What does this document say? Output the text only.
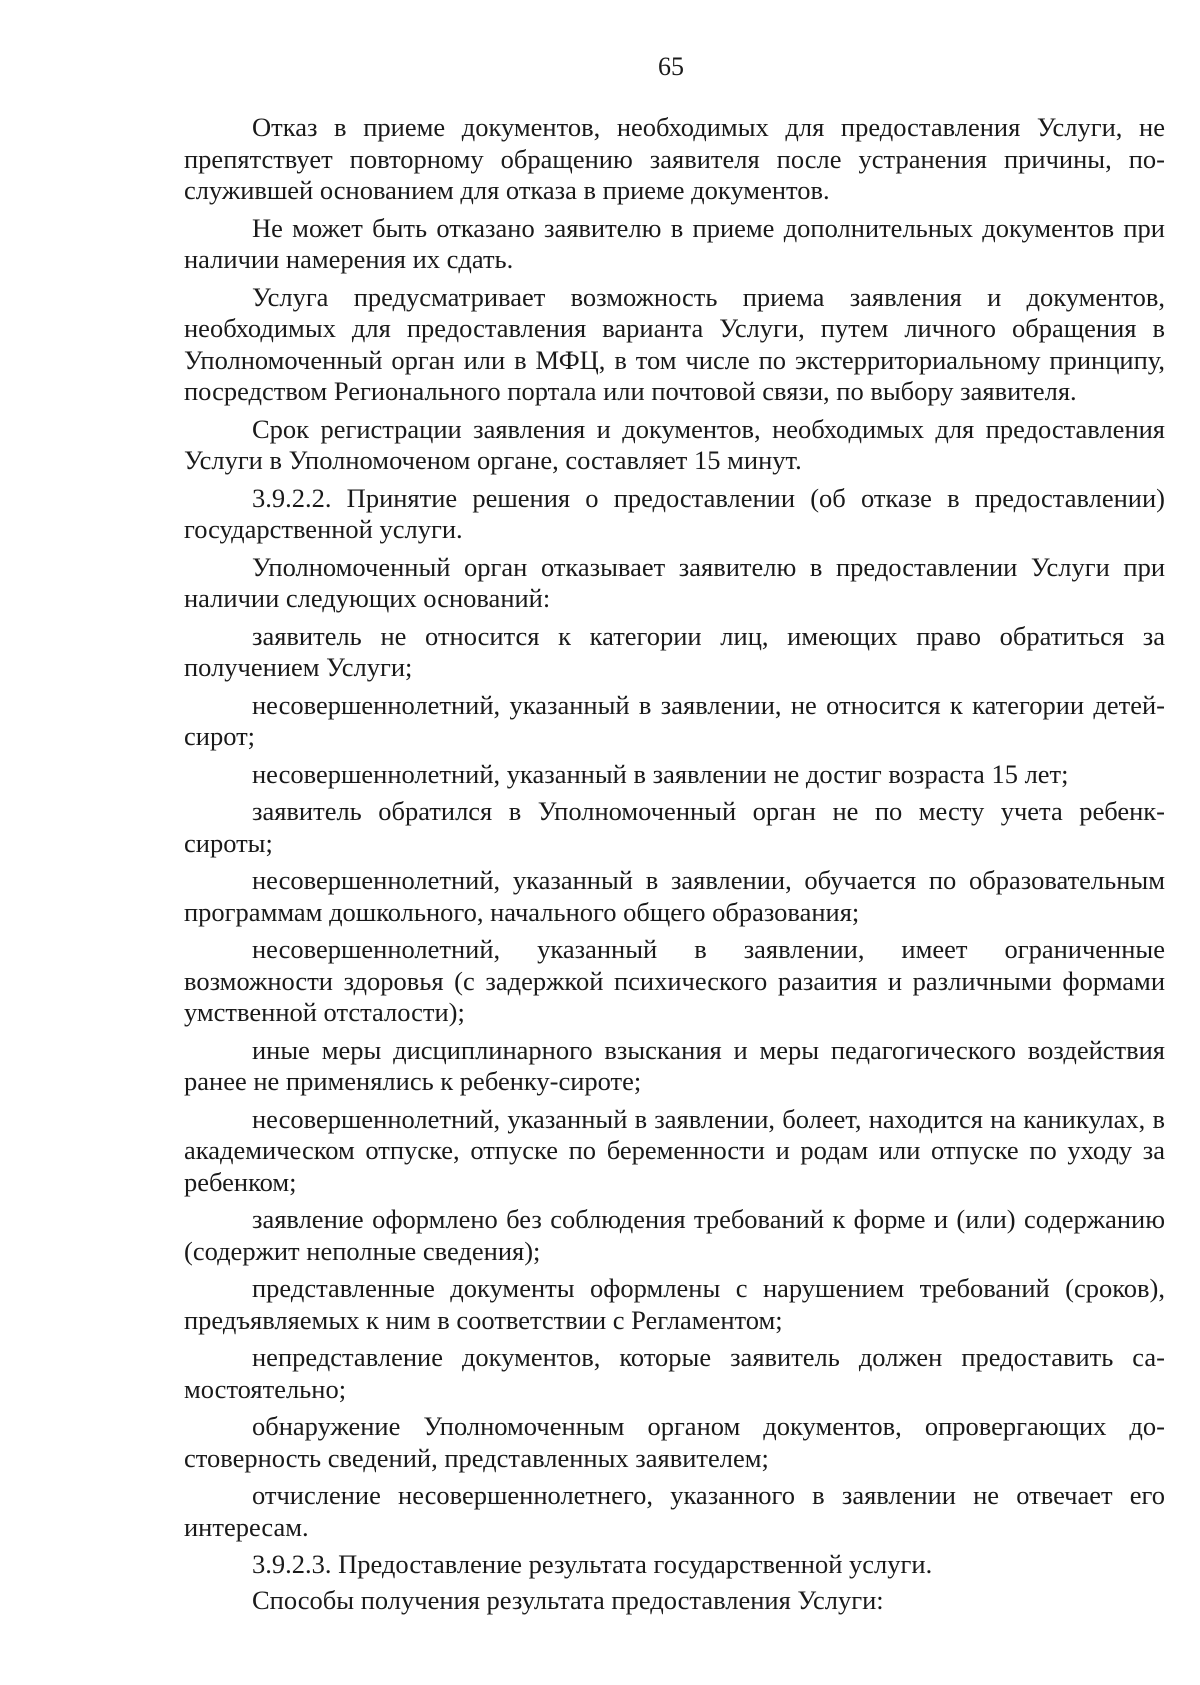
65

Отказ в приеме документов, необходимых для предоставления Услуги, не препятствует повторному обращению заявителя после устранения причины, послужившей основанием для отказа в приеме документов.

Не может быть отказано заявителю в приеме дополнительных документов при наличии намерения их сдать.

Услуга предусматривает возможность приема заявления и документов, необходимых для предоставления варианта Услуги, путем личного обращения в Уполномоченный орган или в МФЦ, в том числе по экстерриториальному принципу, посредством Регионального портала или почтовой связи, по выбору заявителя.

Срок регистрации заявления и документов, необходимых для предоставления Услуги в Уполномоченом органе, составляет 15 минут.

3.9.2.2. Принятие решения о предоставлении (об отказе в предоставлении) государственной услуги.

Уполномоченный орган отказывает заявителю в предоставлении Услуги при наличии следующих оснований:

заявитель не относится к категории лиц, имеющих право обратиться за получением Услуги;

несовершеннолетний, указанный в заявлении, не относится к категории детей-сирот;

несовершеннолетний, указанный в заявлении не достиг возраста 15 лет;

заявитель обратился в Уполномоченный орган не по месту учета ребенк-сироты;

несовершеннолетний, указанный в заявлении, обучается по образовательным программам дошкольного, начального общего образования;

несовершеннолетний, указанный в заявлении, имеет ограниченные возможности здоровья (с задержкой психического разаития и различными формами умственной отсталости);

иные меры дисциплинарного взыскания и меры педагогического воздействия ранее не применялись к ребенку-сироте;

несовершеннолетний, указанный в заявлении, болеет, находится на каникулах, в академическом отпуске, отпуске по беременности и родам или отпуске по уходу за ребенком;

заявление оформлено без соблюдения требований к форме и (или) содержанию (содержит неполные сведения);

представленные документы оформлены с нарушением требований (сроков), предъявляемых к ним в соответствии с Регламентом;

непредставление документов, которые заявитель должен предоставить самостоятельно;

обнаружение Уполномоченным органом документов, опровергающих достоверность сведений, представленных заявителем;

отчисление несовершеннолетнего, указанного в заявлении не отвечает его интересам.

3.9.2.3. Предоставление результата государственной услуги.

Способы получения результата предоставления Услуги:
